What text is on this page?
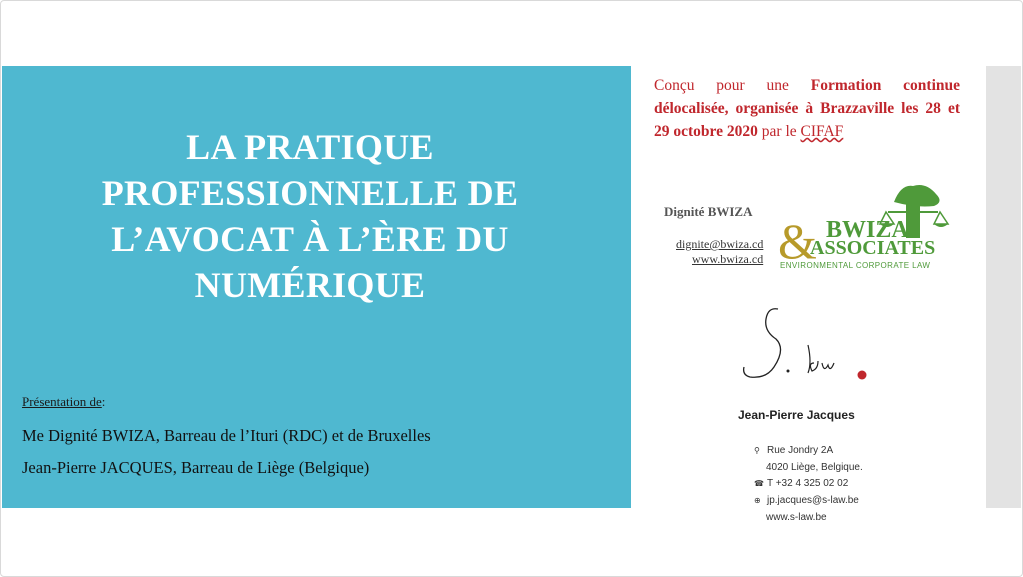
LA PRATIQUE
PROFESSIONNELLE DE
L’AVOCAT À L’ÈRE DU
NUMÉRIQUE
Présentation de:
Me Dignité BWIZA, Barreau de l’Ituri (RDC) et de Bruxelles
Jean-Pierre JACQUES, Barreau de Liège (Belgique)
Conçu pour une Formation continue délocalisée, organisée à Brazzaville les 28 et 29 octobre 2020 par le CIFAF
Dignité BWIZA
dignite@bwiza.cd
www.bwiza.cd
BWIZA
&
ASSOCIATES
ENVIRONMENTAL CORPORATE LAW
Jean-Pierre Jacques
⚲ Rue Jondry 2A
4020 Liège, Belgique.
☎ T +32 4 325 02 02
⊕ jp.jacques@s-law.be
www.s-law.be
